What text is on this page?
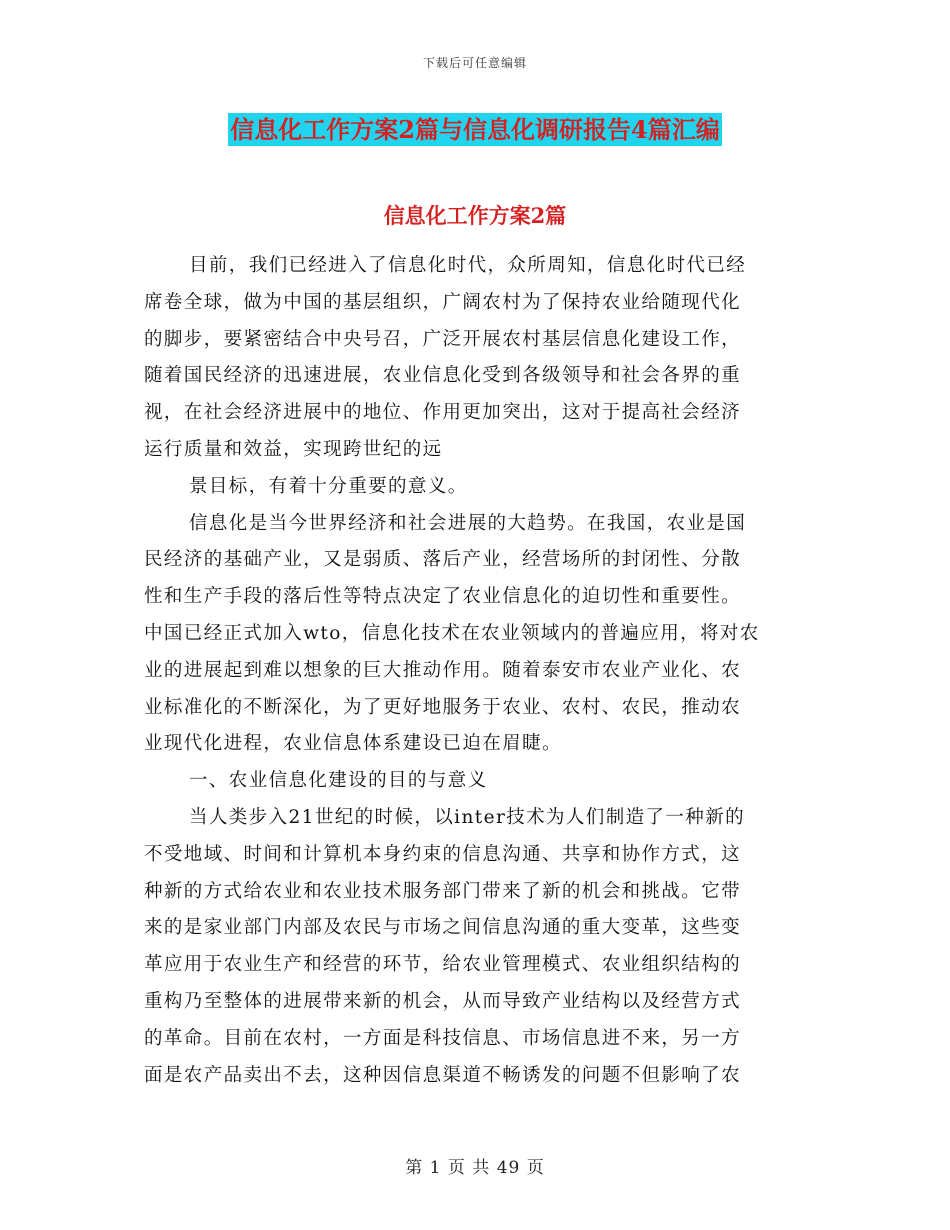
下载后可任意编辑
信息化工作方案2篇与信息化调研报告4篇汇编
信息化工作方案2篇
目前，我们已经进入了信息化时代，众所周知，信息化时代已经
席卷全球，做为中国的基层组织，广阔农村为了保持农业给随现代化
的脚步，要紧密结合中央号召，广泛开展农村基层信息化建设工作，
随着国民经济的迅速进展，农业信息化受到各级领导和社会各界的重
视，在社会经济进展中的地位、作用更加突出，这对于提高社会经济
运行质量和效益，实现跨世纪的远
景目标，有着十分重要的意义。
信息化是当今世界经济和社会进展的大趋势。在我国，农业是国
民经济的基础产业，又是弱质、落后产业，经营场所的封闭性、分散
性和生产手段的落后性等特点决定了农业信息化的迫切性和重要性。
中国已经正式加入wto，信息化技术在农业领域内的普遍应用，将对农
业的进展起到难以想象的巨大推动作用。随着泰安市农业产业化、农
业标准化的不断深化，为了更好地服务于农业、农村、农民，推动农
业现代化进程，农业信息体系建设已迫在眉睫。
一、农业信息化建设的目的与意义
当人类步入21世纪的时候，以inter技术为人们制造了一种新的
不受地域、时间和计算机本身约束的信息沟通、共享和协作方式，这
种新的方式给农业和农业技术服务部门带来了新的机会和挑战。它带
来的是家业部门内部及农民与市场之间信息沟通的重大变革，这些变
革应用于农业生产和经营的环节，给农业管理模式、农业组织结构的
重构乃至整体的进展带来新的机会，从而导致产业结构以及经营方式
的革命。目前在农村，一方面是科技信息、市场信息进不来，另一方
面是农产品卖出不去，这种因信息渠道不畅诱发的问题不但影响了农
第 1 页 共 49 页
